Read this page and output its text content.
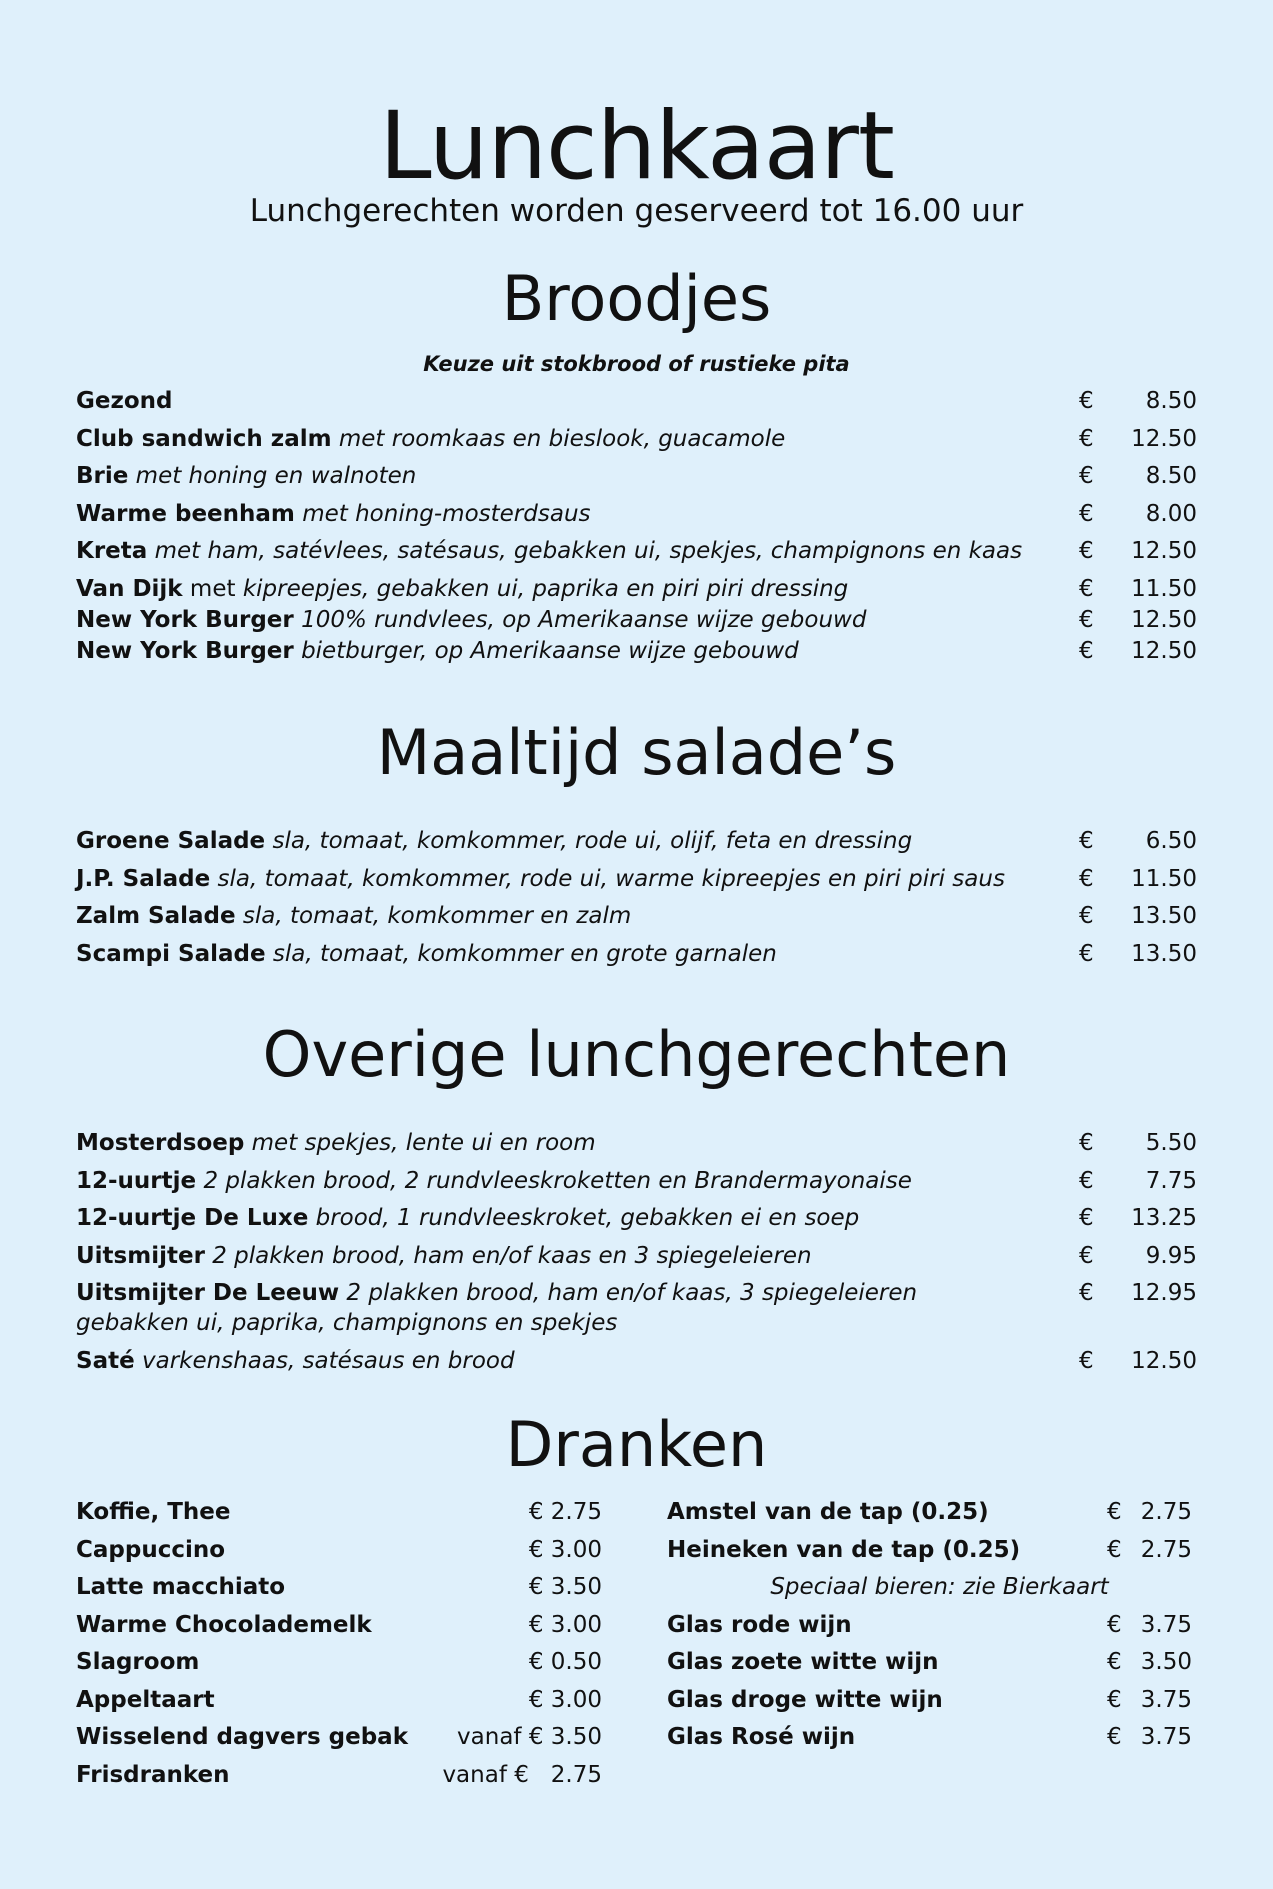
Lunchkaart
Lunchgerechten worden geserveerd tot 16.00 uur
Broodjes
Keuze uit stokbrood of rustieke pita
Gezond	€ 8.50
Club sandwich zalm met roomkaas en bieslook, guacamole	€ 12.50
Brie met honing en walnoten	€ 8.50
Warme beenham met honing-mosterdsaus	€ 8.00
Kreta met ham, satévlees, satésaus, gebakken ui, spekjes, champignons en kaas	€ 12.50
Van Dijk met kipreepjes, gebakken ui, paprika en piri piri dressing	€ 11.50
New York Burger 100% rundvlees, op Amerikaanse wijze gebouwd	€ 12.50
New York Burger bietburger, op Amerikaanse wijze gebouwd	€ 12.50
Maaltijd salade’s
Groene Salade sla, tomaat, komkommer, rode ui, olijf, feta en dressing	€ 6.50
J.P. Salade sla, tomaat, komkommer, rode ui, warme kipreepjes en piri piri saus	€ 11.50
Zalm Salade sla, tomaat, komkommer en zalm	€ 13.50
Scampi Salade sla, tomaat, komkommer en grote garnalen	€ 13.50
Overige lunchgerechten
Mosterdsoep met spekjes, lente ui en room	€ 5.50
12-uurtje 2 plakken brood, 2 rundvleeskroketten en Brandermayonaise	€ 7.75
12-uurtje De Luxe brood, 1 rundvleeskroket, gebakken ei en soep	€ 13.25
Uitsmijter 2 plakken brood, ham en/of kaas en 3 spiegeleieren	€ 9.95
Uitsmijter De Leeuw 2 plakken brood, ham en/of kaas, 3 spiegeleieren
gebakken ui, paprika, champignons en spekjes
€ 12.95
Saté varkenshaas, satésaus en brood	€ 12.50
Dranken
Koffie, Thee	€ 2.75
Cappuccino	€ 3.00
Latte macchiato	€ 3.50
Warme Chocolademelk	€ 3.00
Slagroom	€ 0.50
Appeltaart	€ 3.00
Wisselend dagvers gebak vanaf € 3.50
Frisdranken	vanaf €   2.75
Amstel van de tap (0.25)	€ 2.75
Heineken van de tap (0.25)	€ 2.75
Speciaal bieren: zie Bierkaart
Glas rode wijn	€ 3.75
Glas zoete witte wijn	€ 3.50
Glas droge witte wijn	€ 3.75
Glas Rosé wijn	€ 3.75
